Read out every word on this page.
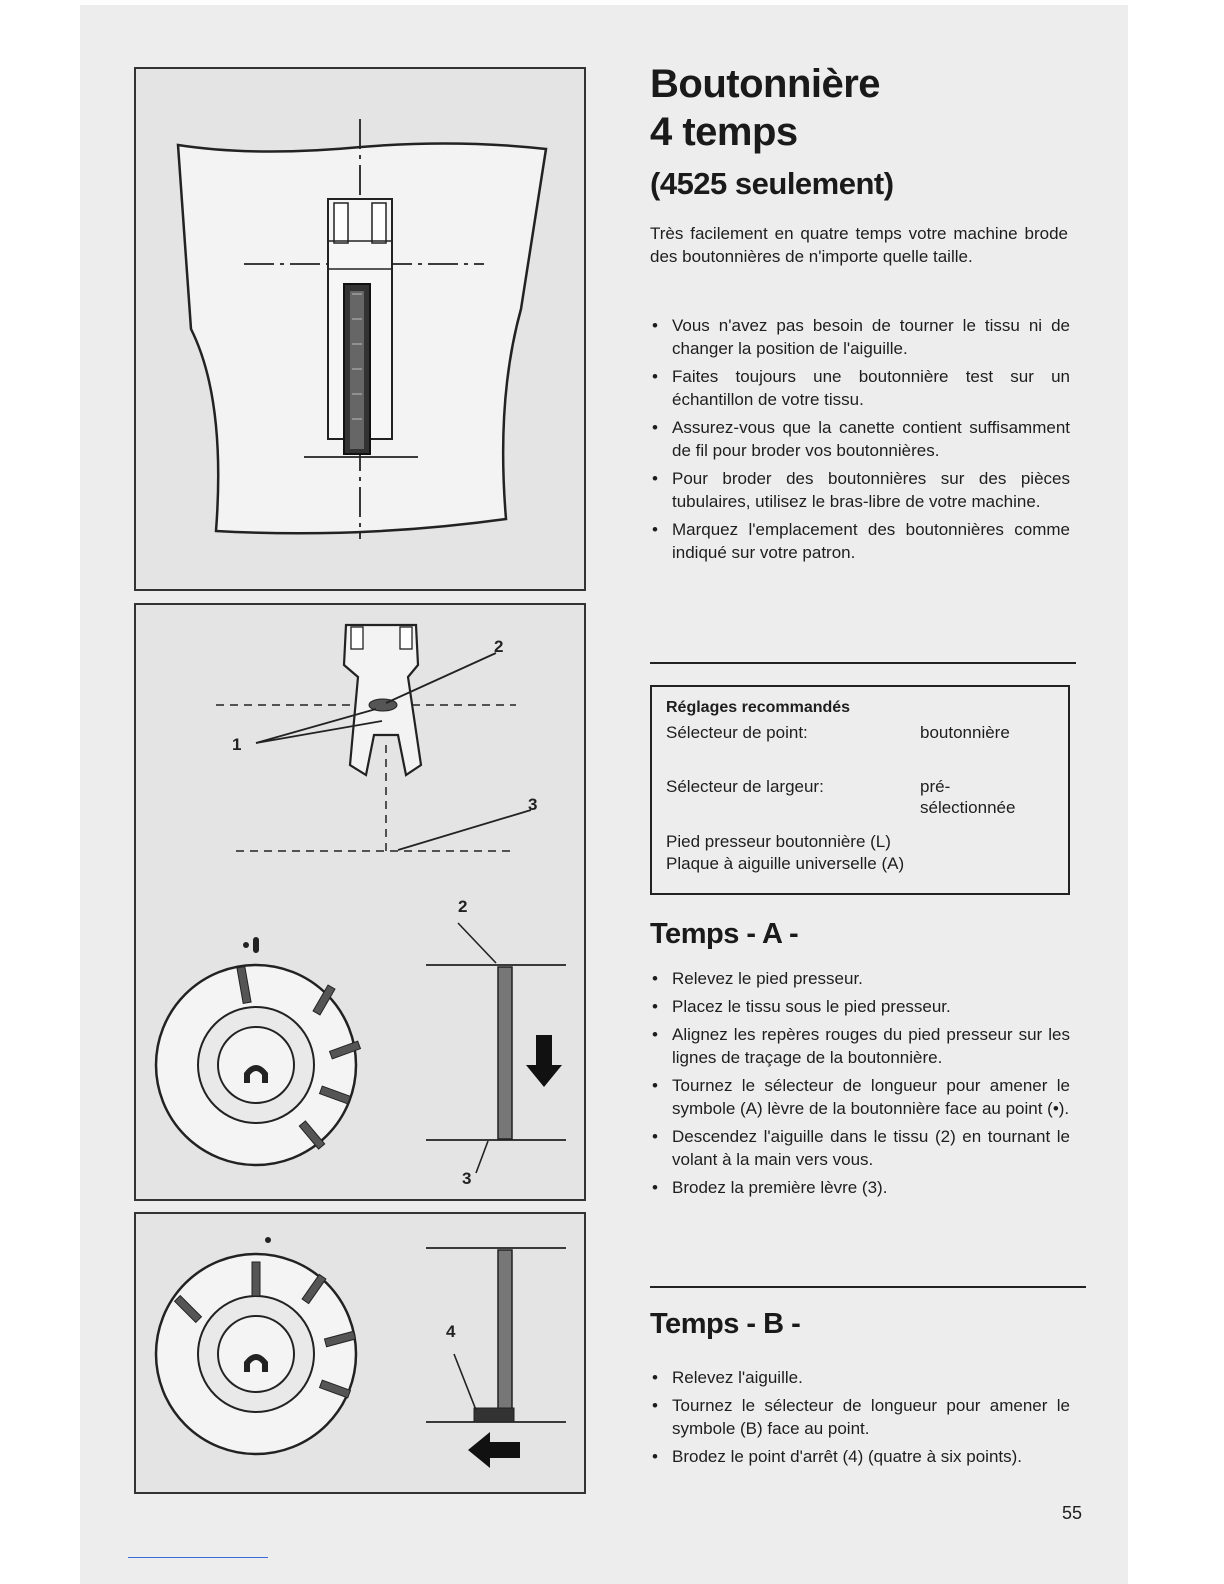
2
1
3
2
3
4
Boutonnière
4 temps
(4525 seulement)
Très facilement en quatre temps votre machine brode des boutonnières de n'importe quelle taille.
• Vous n'avez pas besoin de tourner le tissu ni de changer la position de l'aiguille.
• Faites toujours une boutonnière test sur un échantillon de votre tissu.
• Assurez-vous que la canette contient suffisamment de fil pour broder vos boutonnières.
• Pour broder des boutonnières sur des pièces tubulaires, utilisez le bras-libre de votre machine.
• Marquez l'emplacement des boutonnières comme indiqué sur votre patron.
Réglages recommandés
Sélecteur de point:	boutonnière
Sélecteur de largeur:	pré-
sélectionnée
Pied presseur boutonnière (L)
Plaque à aiguille universelle (A)
Temps - A -
• Relevez le pied presseur.
• Placez le tissu sous le pied presseur.
• Alignez les repères rouges du pied presseur sur les lignes de traçage de la boutonnière.
• Tournez le sélecteur de longueur pour amener le symbole (A) lèvre de la boutonnière face au point (•).
• Descendez l'aiguille dans le tissu (2) en tournant le volant à la main vers vous.
• Brodez la première lèvre (3).
Temps - B -
• Relevez l'aiguille.
• Tournez le sélecteur de longueur pour amener le symbole (B) face au point.
• Brodez le point d'arrêt (4) (quatre à six points).
55
